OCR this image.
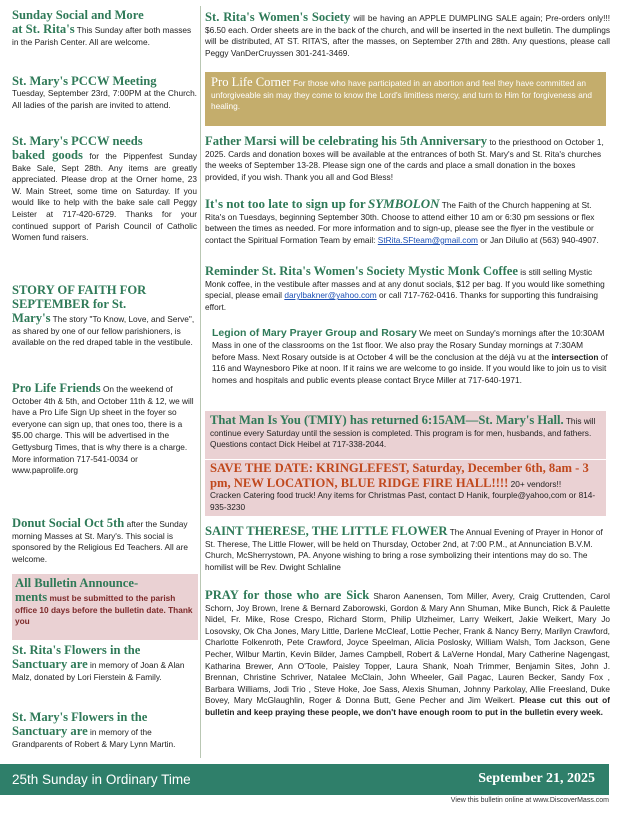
Sunday Social and More
at St. Rita's This Sunday after both masses in the Parish Center. All are welcome.
St. Mary's PCCW Meeting
Tuesday, September 23rd, 7:00PM at the Church. All ladies of the parish are invited to attend.
St. Mary's PCCW needs
baked goods for the Pippenfest Sunday Bake Sale, Sept 28th. Any items are greatly appreciated. Please drop at the Orner home, 23 W. Main Street, some time on Saturday. If you would like to help with the bake sale call Peggy Leister at 717-420-6729. Thanks for your continued support of Parish Council of Catholic Women fund raisers.
STORY OF FAITH FOR
SEPTEMBER for St.
Mary's The story "To Know, Love, and Serve", as shared by one of our fellow parishioners, is available on the red draped table in the vestibule.
Pro Life Friends On the weekend of October 4th & 5th, and October 11th & 12, we will have a Pro Life Sign Up sheet in the foyer so everyone can sign up, that ones too, there is a $5.00 charge. This will be advertised in the Gettysburg Times, that is why there is a charge. More information 717-541-0034 or www.paprolife.org
Donut Social Oct 5th after the Sunday morning Masses at St. Mary's. This social is sponsored by the Religious Ed Teachers. All are welcome.
All Bulletin Announce-
ments must be submitted to the parish office 10 days before the bulletin date. Thank you
St. Rita's Flowers in the
Sanctuary are in memory of Joan & Alan Malz, donated by Lori Fierstein & Family.
St. Mary's Flowers in the
Sanctuary are in memory of the Grandparents of Robert & Mary Lynn Martin.
St. Rita's Women's Society will be having an APPLE DUMPLING SALE again; Pre-orders only!!! $6.50 each. Order sheets are in the back of the church, and will be inserted in the next bulletin. The dumplings will be distributed, AT ST. RITA'S, after the masses, on September 27th and 28th. Any questions, please call Peggy VanDerCruyssen 301-241-3469.
Pro Life Corner For those who have participated in an abortion and feel they have committed an unforgiveable sin may they come to know the Lord's limitless mercy, and turn to Him for forgiveness and healing.
Father Marsi will be celebrating his 5th Anniversary to the priesthood on October 1, 2025. Cards and donation boxes will be available at the entrances of both St. Mary's and St. Rita's churches the weeks of September 13-28. Please sign one of the cards and place a small donation in the boxes provided, if you wish. Thank you all and God Bless!
It's not too late to sign up for SYMBOLON The Faith of the Church happening at St. Rita's on Tuesdays, beginning September 30th. Choose to attend either 10 am or 6:30 pm sessions or flex between the times as needed. For more information and to sign-up, please see the flyer in the vestibule or contact the Spiritual Formation Team by email: StRita.SFteam@gmail.com or Jan Dilulio at (563) 940-4907.
Reminder St. Rita's Women's Society Mystic Monk Coffee is still selling Mystic Monk coffee, in the vestibule after masses and at any donut socials, $12 per bag. If you would like something special, please email darylbakner@yahoo.com or call 717-762-0416. Thanks for supporting this fundraising effort.
Legion of Mary Prayer Group and Rosary We meet on Sunday's mornings after the 10:30AM Mass in one of the classrooms on the 1st floor. We also pray the Rosary Sunday mornings at 7:30AM before Mass. Next Rosary outside is at October 4 will be the conclusion at the déjà vu at the intersection of 116 and Waynesboro Pike at noon. If it rains we are welcome to go inside. If you would like to join us to visit homes and hospitals and public events please contact Bryce Miller at 717-640-1971.
That Man Is You (TMIY) has returned 6:15AM—St. Mary's Hall. This will continue every Saturday until the session is completed. This program is for men, husbands, and fathers. Questions contact Dick Heibel at 717-338-2044.
SAVE THE DATE: KRINGLEFEST, Saturday, December 6th, 8am - 3 pm, NEW LOCATION, BLUE RIDGE FIRE HALL!!!! 20+ vendors!!
Cracken Catering food truck! Any items for Christmas Past, contact D Hanik, fourple@yahoo,com or 814-935-3230
SAINT THERESE, THE LITTLE FLOWER The Annual Evening of Prayer in Honor of St. Therese, The Little Flower, will be held on Thursday, October 2nd, at 7:00 P.M., at Annunciation B.V.M. Church, McSherrystown, PA. Anyone wishing to bring a rose symbolizing their intentions may do so. The homilist will be Rev. Dwight Schlaline
PRAY for those who are Sick Sharon Aanensen, Tom Miller, Avery, Craig Cruttenden, Carol Schorn, Joy Brown, Irene & Bernard Zaborowski, Gordon & Mary Ann Shuman, Mike Bunch, Rick & Paulette Nidel, Fr. Mike, Rose Crespo, Richard Storm, Philip Ulzheimer, Larry Weikert, Jakie Weikert, Mary Jo Losovsky, Ok Cha Jones, Mary Little, Darlene McCleaf, Lottie Pecher, Frank & Nancy Berry, Marilyn Crawford, Charlotte Folkenroth, Pete Crawford, Joyce Speelman, Alicia Poslosky, William Walsh, Tom Jackson, Gene Pecher, Wilbur Martin, Kevin Bilder, James Campbell, Robert & LaVerne Hondal, Mary Catherine Nagengast, Katharina Brewer, Ann O'Toole, Paisley Topper, Laura Shank, Noah Trimmer, Benjamin Sites, John J. Brennan, Christine Schriver, Natalee McClain, John Wheeler, Gail Pagac, Lauren Becker, Sandy Fox , Barbara Williams, Jodi Trio , Steve Hoke, Joe Sass, Alexis Shuman, Johnny Parkolay, Allie Freesland, Duke Bovey, Mary McGlaughlin, Roger & Donna Butt, Gene Pecher and Jim Weikert. Please cut this out of bulletin and keep praying these people, we don't have enough room to put in the bulletin every week.
25th Sunday in Ordinary Time	September 21, 2025
View this bulletin online at www.DiscoverMass.com
